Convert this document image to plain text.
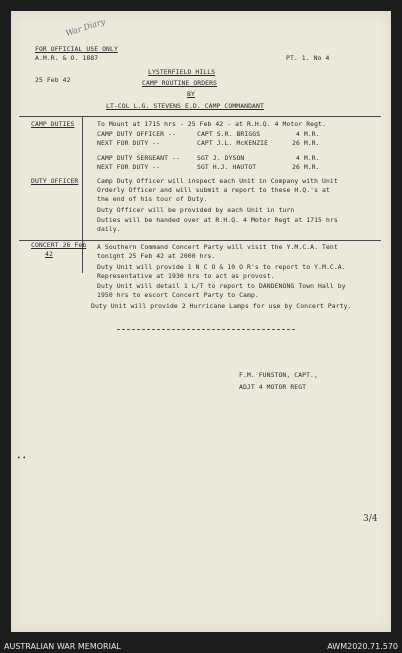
War Diary
FOR OFFICIAL USE ONLY
A.M.R. & O. 1887
25 Feb 42
PT. 1. No 4
LYSTERFIELD HILLS
CAMP ROUTINE ORDERS
BY
LT-COL L.G. STEVENS E.D. CAMP COMMANDANT
CAMP DUTIES	To Mount at 1715 hrs - 25 Feb 42 - at R.H.Q. 4 Motor Regt.
CAMP DUTY OFFICER --	CAPT S.R. BRIGGS	4 M.R.
NEXT FOR DUTY --	CAPT J.L. McKENZIE	26 M.R.
CAMP DUTY SERGEANT --	SGT J. DYSON	4 M.R.
NEXT FOR DUTY --	SGT H.J. HAUTOT	26 M.R.
DUTY OFFICER	Camp Duty Officer will inspect each Unit in Company with Unit
Orderly Officer and will submit a report to these H.Q.'s at
the end of his tour of Duty.
Duty Officer will be provided by each Unit in turn
Duties will be handed over at R.H.Q. 4 Motor Regt at 1715 hrs
daily.
CONCERT 26 Feb
42
A Southern Command Concert Party will visit the Y.M.C.A. Tent
tonight 25 Feb 42 at 2000 hrs.
Duty Unit will provide 1 N C O & 10 O R's to report to Y.M.C.A.
Representative at 1930 hrs to act as provost.
Duty Unit will detail 1 L/T to report to DANDENONG Town Hall by
1950 hrs to escort Concert Party to Camp.
Duty Unit will provide 2 Hurricane Lamps for use by Concert Party.
F.M. FUNSTON, CAPT.,
ADJT 4 MOTOR REGT
3/4
• •
AUSTRALIAN WAR MEMORIAL	AWM2020.71.570
